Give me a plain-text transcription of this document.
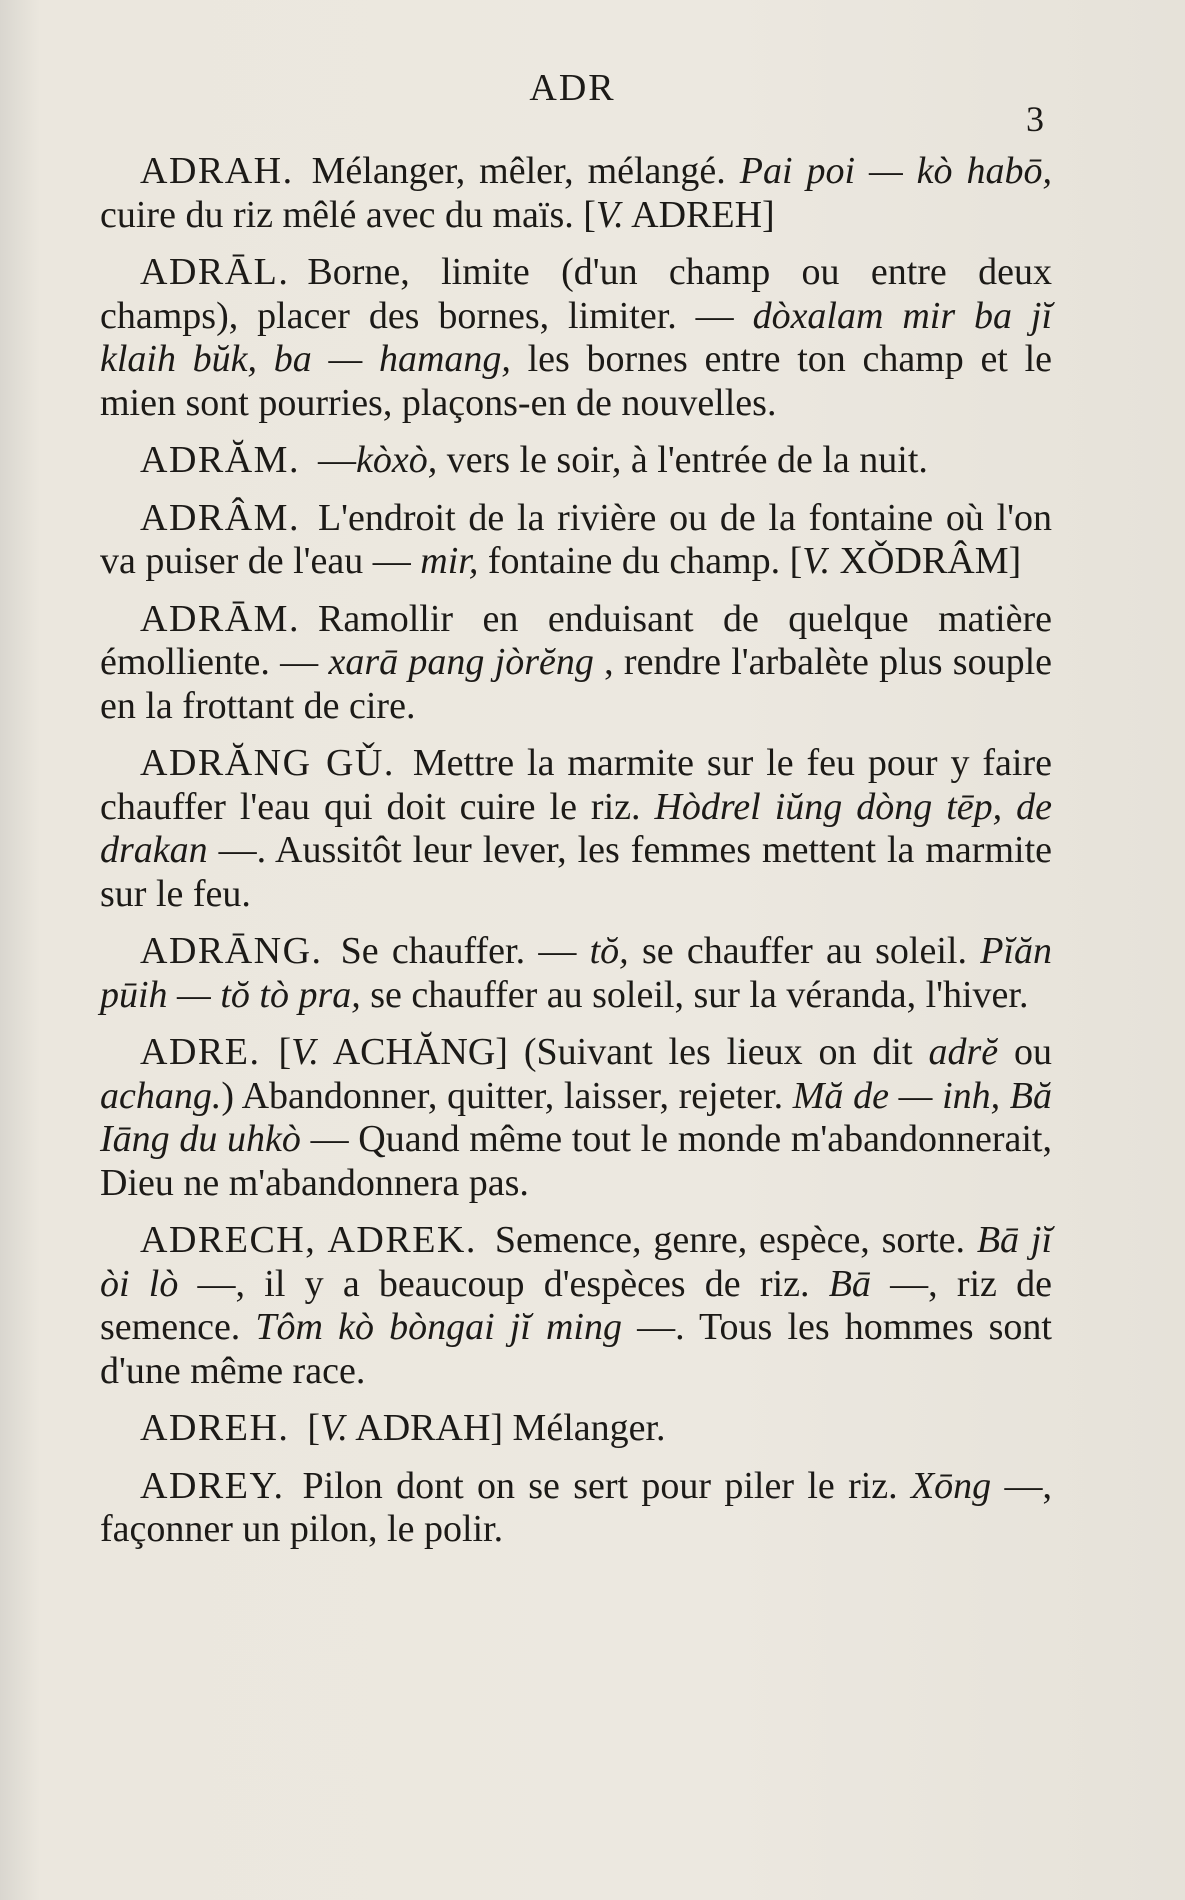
ADR
3

ADRAH. Mélanger, mêler, mélangé. Pai poi — kò habō, cuire du riz mêlé avec du maïs. [V. ADREH]

ADRĀL. Borne, limite (d'un champ ou entre deux champs), placer des bornes, limiter. — dòxalam mir ba jĭ klaih bŭk, ba — hamang, les bornes entre ton champ et le mien sont pourries, plaçons-en de nouvelles.

ADRĂM. —kòxò, vers le soir, à l'entrée de la nuit.

ADRÂM. L'endroit de la rivière ou de la fontaine où l'on va puiser de l'eau — mir, fontaine du champ. [V. XǑDRÂM]

ADRĀM. Ramollir en enduisant de quelque matière émolliente. — xarā pang jòrĕng , rendre l'arbalète plus souple en la frottant de cire.

ADRĂNG GǓ. Mettre la marmite sur le feu pour y faire chauffer l'eau qui doit cuire le riz. Hòdrel iŭng dòng tēp, de drakan —. Aussitôt leur lever, les femmes mettent la marmite sur le feu.

ADRĀNG. Se chauffer. — tŏ, se chauffer au soleil. Pĭăn pūih — tŏ tò pra, se chauffer au soleil, sur la véranda, l'hiver.

ADRE. [V. ACHĂNG] (Suivant les lieux on dit adrĕ ou achang.) Abandonner, quitter, laisser, rejeter. Mă de — inh, Bă Iāng du uhkò — Quand même tout le monde m'abandonnerait, Dieu ne m'abandonnera pas.

ADRECH, ADREK. Semence, genre, espèce, sorte. Bā jĭ òi lò —, il y a beaucoup d'espèces de riz. Bā —, riz de semence. Tôm kò bòngai jĭ ming —. Tous les hommes sont d'une même race.

ADREH. [V. ADRAH] Mélanger.

ADREY. Pilon dont on se sert pour piler le riz. Xōng —, façonner un pilon, le polir.
